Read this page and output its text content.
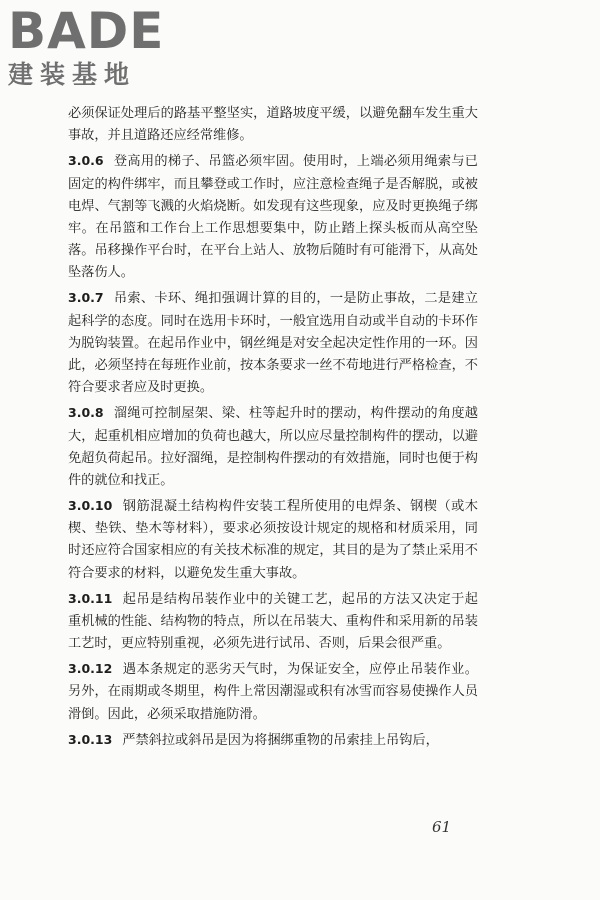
BADE
建装基地

必须保证处理后的路基平整坚实，道路坡度平缓，以避免翻车发生重大事故，并且道路还应经常维修。

3.0.6 登高用的梯子、吊篮必须牢固。使用时，上端必须用绳索与已固定的构件绑牢，而且攀登或工作时，应注意检查绳子是否解脱，或被电焊、气割等飞溅的火焰烧断。如发现有这些现象，应及时更换绳子绑牢。在吊篮和工作台上工作思想要集中，防止踏上探头板而从高空坠落。吊移操作平台时，在平台上站人、放物后随时有可能滑下，从高处坠落伤人。

3.0.7 吊索、卡环、绳扣强调计算的目的，一是防止事故，二是建立起科学的态度。同时在选用卡环时，一般宜选用自动或半自动的卡环作为脱钩装置。在起吊作业中，钢丝绳是对安全起决定性作用的一环。因此，必须坚持在每班作业前，按本条要求一丝不苟地进行严格检查，不符合要求者应及时更换。

3.0.8 溜绳可控制屋架、梁、柱等起升时的摆动，构件摆动的角度越大，起重机相应增加的负荷也越大，所以应尽量控制构件的摆动，以避免超负荷起吊。拉好溜绳，是控制构件摆动的有效措施，同时也便于构件的就位和找正。

3.0.10 钢筋混凝土结构构件安装工程所使用的电焊条、钢楔（或木楔、垫铁、垫木等材料），要求必须按设计规定的规格和材质采用，同时还应符合国家相应的有关技术标准的规定，其目的是为了禁止采用不符合要求的材料，以避免发生重大事故。

3.0.11 起吊是结构吊装作业中的关键工艺，起吊的方法又决定于起重机械的性能、结构物的特点，所以在吊装大、重构件和采用新的吊装工艺时，更应特别重视，必须先进行试吊、否则，后果会很严重。

3.0.12 遇本条规定的恶劣天气时，为保证安全，应停止吊装作业。另外，在雨期或冬期里，构件上常因潮湿或积有冰雪而容易使操作人员滑倒。因此，必须采取措施防滑。

3.0.13 严禁斜拉或斜吊是因为将捆绑重物的吊索挂上吊钩后，

61
